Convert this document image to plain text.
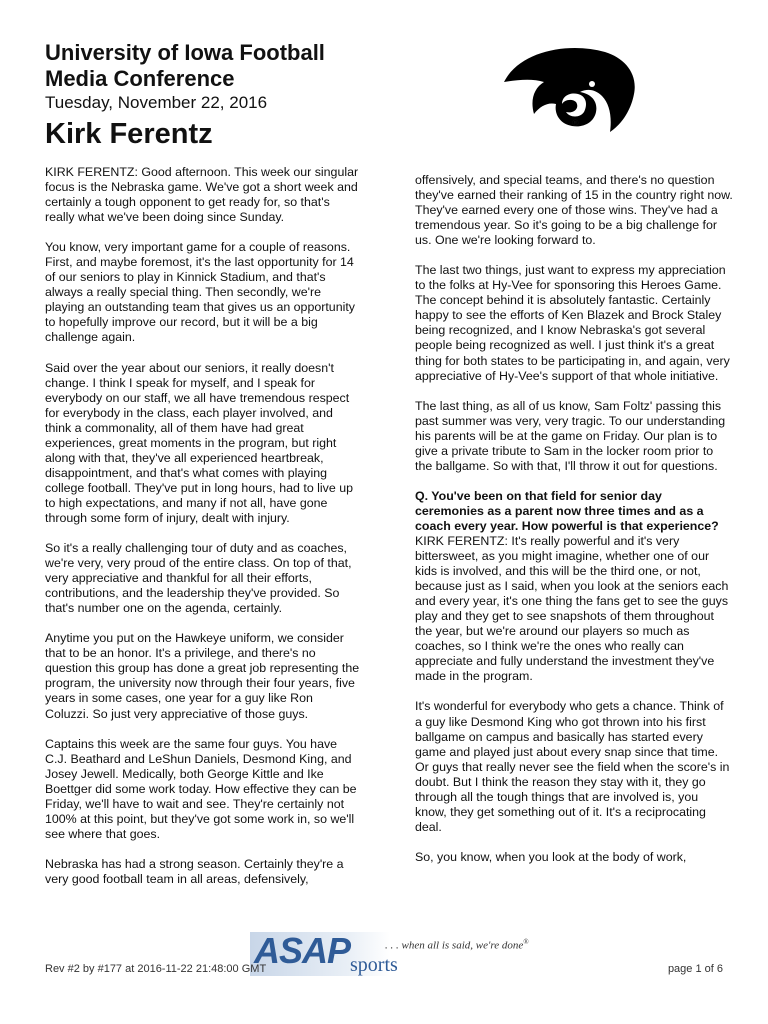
University of Iowa Football
Media Conference
Tuesday, November 22, 2016
Kirk Ferentz	®

KIRK FERENTZ: Good afternoon. This week our singular focus is the Nebraska game. We've got a short week and certainly a tough opponent to get ready for, so that's really what we've been doing since Sunday.

You know, very important game for a couple of reasons. First, and maybe foremost, it's the last opportunity for 14 of our seniors to play in Kinnick Stadium, and that's always a really special thing. Then secondly, we're playing an outstanding team that gives us an opportunity to hopefully improve our record, but it will be a big challenge again.

Said over the year about our seniors, it really doesn't change. I think I speak for myself, and I speak for everybody on our staff, we all have tremendous respect for everybody in the class, each player involved, and think a commonality, all of them have had great experiences, great moments in the program, but right along with that, they've all experienced heartbreak, disappointment, and that's what comes with playing college football. They've put in long hours, had to live up to high expectations, and many if not all, have gone through some form of injury, dealt with injury.

So it's a really challenging tour of duty and as coaches, we're very, very proud of the entire class. On top of that, very appreciative and thankful for all their efforts, contributions, and the leadership they've provided. So that's number one on the agenda, certainly.

Anytime you put on the Hawkeye uniform, we consider that to be an honor. It's a privilege, and there's no question this group has done a great job representing the program, the university now through their four years, five years in some cases, one year for a guy like Ron Coluzzi. So just very appreciative of those guys.

Captains this week are the same four guys. You have C.J. Beathard and LeShun Daniels, Desmond King, and Josey Jewell. Medically, both George Kittle and Ike Boettger did some work today. How effective they can be Friday, we'll have to wait and see. They're certainly not 100% at this point, but they've got some work in, so we'll see where that goes.

Nebraska has had a strong season. Certainly they're a very good football team in all areas, defensively,

offensively, and special teams, and there's no question they've earned their ranking of 15 in the country right now. They've earned every one of those wins. They've had a tremendous year. So it's going to be a big challenge for us. One we're looking forward to.

The last two things, just want to express my appreciation to the folks at Hy-Vee for sponsoring this Heroes Game. The concept behind it is absolutely fantastic. Certainly happy to see the efforts of Ken Blazek and Brock Staley being recognized, and I know Nebraska's got several people being recognized as well. I just think it's a great thing for both states to be participating in, and again, very appreciative of Hy-Vee's support of that whole initiative.

The last thing, as all of us know, Sam Foltz' passing this past summer was very, very tragic. To our understanding his parents will be at the game on Friday. Our plan is to give a private tribute to Sam in the locker room prior to the ballgame. So with that, I'll throw it out for questions.

Q. You've been on that field for senior day ceremonies as a parent now three times and as a coach every year. How powerful is that experience?
KIRK FERENTZ: It's really powerful and it's very bittersweet, as you might imagine, whether one of our kids is involved, and this will be the third one, or not, because just as I said, when you look at the seniors each and every year, it's one thing the fans get to see the guys play and they get to see snapshots of them throughout the year, but we're around our players so much as coaches, so I think we're the ones who really can appreciate and fully understand the investment they've made in the program.

It's wonderful for everybody who gets a chance. Think of a guy like Desmond King who got thrown into his first ballgame on campus and basically has started every game and played just about every snap since that time. Or guys that really never see the field when the score's in doubt. But I think the reason they stay with it, they go through all the tough things that are involved is, you know, they get something out of it. It's a reciprocating deal.

So, you know, when you look at the body of work,

ASAP sports
. . . when all is said, we're done®
Rev #2 by #177 at 2016-11-22 21:48:00 GMT	page 1 of 6
